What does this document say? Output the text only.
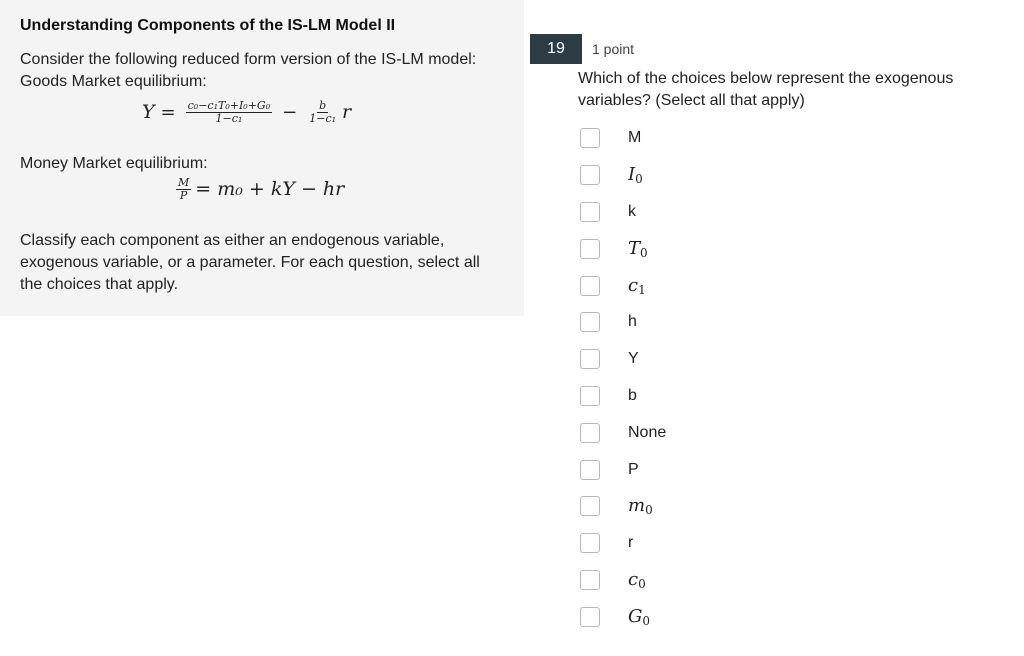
Understanding Components of the IS-LM Model II

Consider the following reduced form version of the IS-LM model:

Goods Market equilibrium:

$Y = \frac{\text{c₀−c₁T₀+I₀+G₀}}{\text{1−c₁}} - \frac{b}{\text{1−c₁}}$ r

Money Market equilibrium:

$\frac{M}{P} = m_0$ + kY − hr

Classify each component as either an endogenous variable, exogenous variable, or a parameter. For each question, select all the choices that apply.

19	1 point
Which of the choices below represent the exogenous variables? (Select all that apply)
M
$I_0$
k
$T_0$
$c_1$
h
Y
b
None
P
$m_0$
r
$c_0$
$G_0$
